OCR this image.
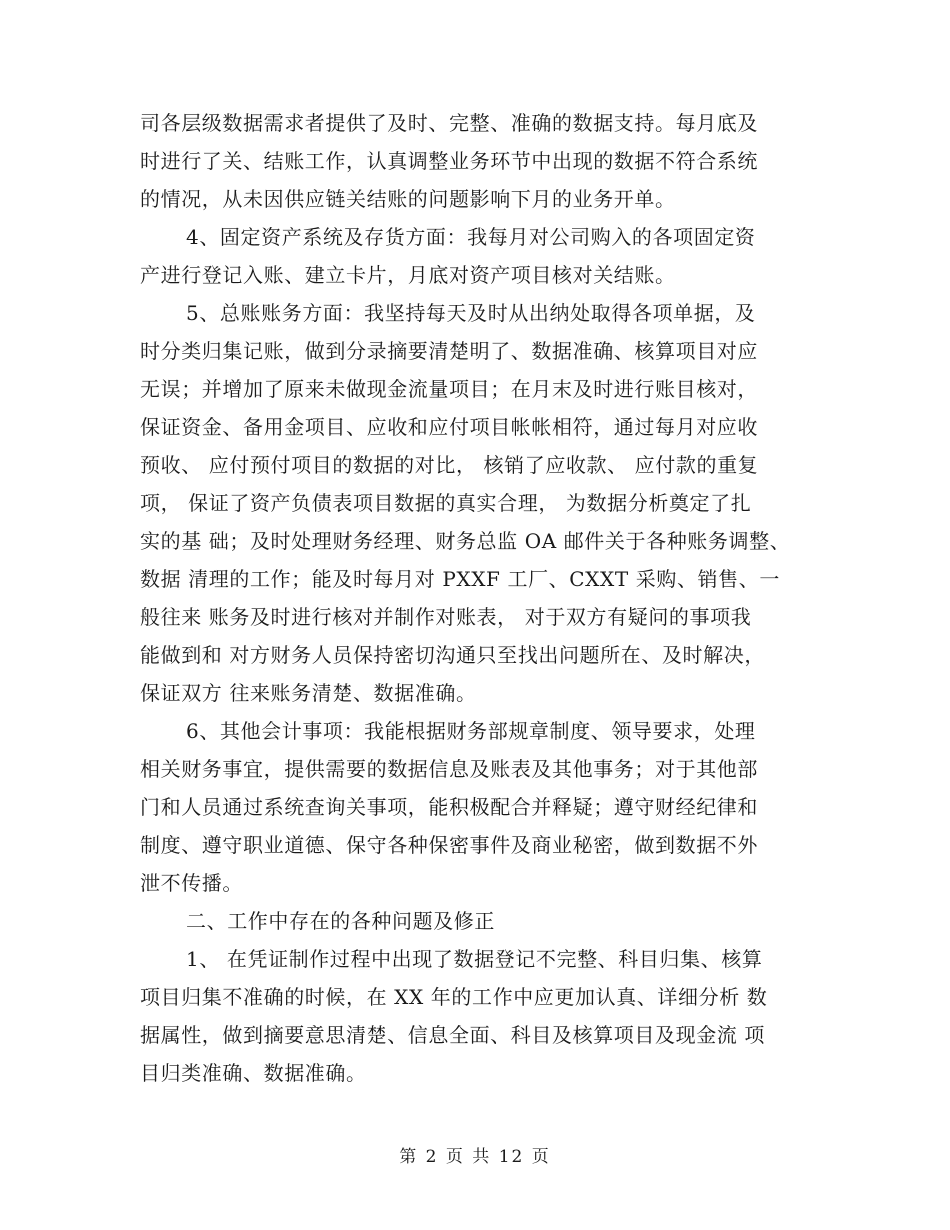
司各层级数据需求者提供了及时、完整、准确的数据支持。每月底及
时进行了关、结账工作，认真调整业务环节中出现的数据不符合系统
的情况，从未因供应链关结账的问题影响下月的业务开单。
4、固定资产系统及存货方面：我每月对公司购入的各项固定资
产进行登记入账、建立卡片，月底对资产项目核对关结账。
5、总账账务方面：我坚持每天及时从出纳处取得各项单据，及
时分类归集记账，做到分录摘要清楚明了、数据准确、核算项目对应
无误；并增加了原来未做现金流量项目；在月末及时进行账目核对，
保证资金、备用金项目、应收和应付项目帐帐相符，通过每月对应收
预收、 应付预付项目的数据的对比， 核销了应收款、 应付款的重复
项， 保证了资产负债表项目数据的真实合理， 为数据分析奠定了扎
实的基 础；及时处理财务经理、财务总监 OA 邮件关于各种账务调整、
数据 清理的工作；能及时每月对 PXXF 工厂、CXXT 采购、销售、一
般往来 账务及时进行核对并制作对账表， 对于双方有疑问的事项我
能做到和 对方财务人员保持密切沟通只至找出问题所在、及时解决，
保证双方 往来账务清楚、数据准确。
6、其他会计事项：我能根据财务部规章制度、领导要求，处理
相关财务事宜，提供需要的数据信息及账表及其他事务；对于其他部
门和人员通过系统查询关事项，能积极配合并释疑；遵守财经纪律和
制度、遵守职业道德、保守各种保密事件及商业秘密，做到数据不外
泄不传播。
二、工作中存在的各种问题及修正
1、 在凭证制作过程中出现了数据登记不完整、科目归集、核算
项目归集不准确的时候，在 XX 年的工作中应更加认真、详细分析 数
据属性，做到摘要意思清楚、信息全面、科目及核算项目及现金流 项
目归类准确、数据准确。
第 2 页 共 12 页
